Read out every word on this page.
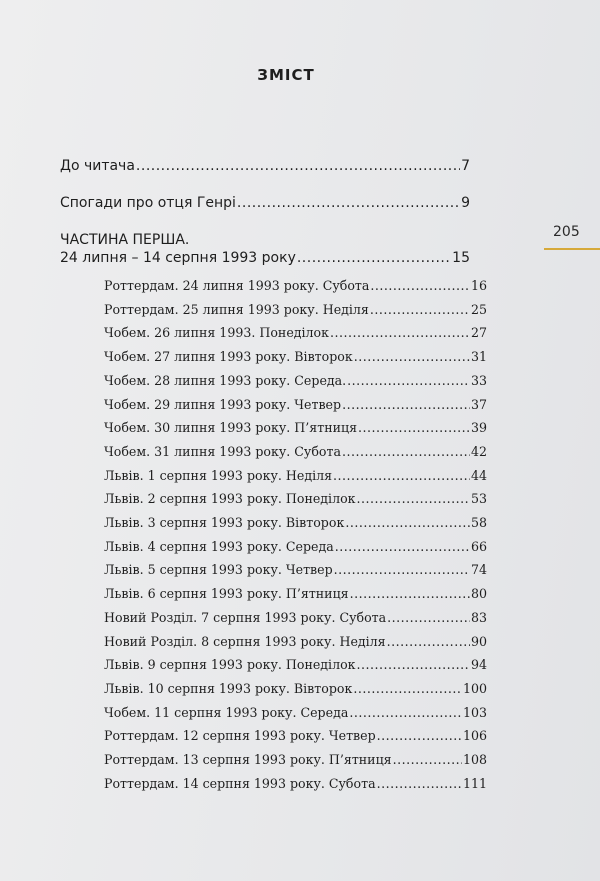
ЗМІСТ
До читача .....	7
Спогади про отця Генрі .....	9
ЧАСТИНА ПЕРША.
24 липня – 14 серпня 1993 року .....	15
Роттердам. 24 липня 1993 року. Субота .....	16
Роттердам. 25 липня 1993 року. Неділя .....	25
Чобем. 26 липня 1993. Понеділок .....	27
Чобем. 27 липня 1993 року. Вівторок .....	31
Чобем. 28 липня 1993 року. Середа. .....	33
Чобем. 29 липня 1993 року. Четвер .....	37
Чобем. 30 липня 1993 року. П’ятниця .....	39
Чобем. 31 липня 1993 року. Субота .....	42
Львів. 1 серпня 1993 року. Неділя .....	44
Львів. 2 серпня 1993 року. Понеділок .....	53
Львів. 3 серпня 1993 року. Вівторок .....	58
Львів. 4 серпня 1993 року. Середа .....	66
Львів. 5 серпня 1993 року. Четвер .....	74
Львів. 6 серпня 1993 року. П’ятниця .....	80
Новий Розділ. 7 серпня 1993 року. Субота .....	83
Новий Розділ. 8 серпня 1993 року. Неділя .....	90
Львів. 9 серпня 1993 року. Понеділок .....	94
Львів. 10 серпня 1993 року. Вівторок .....	100
Чобем. 11 серпня 1993 року. Середа .....	103
Роттердам. 12 серпня 1993 року. Четвер .....	106
Роттердам. 13 серпня 1993 року. П’ятниця .....	108
Роттердам. 14 серпня 1993 року. Субота .....	111
205
